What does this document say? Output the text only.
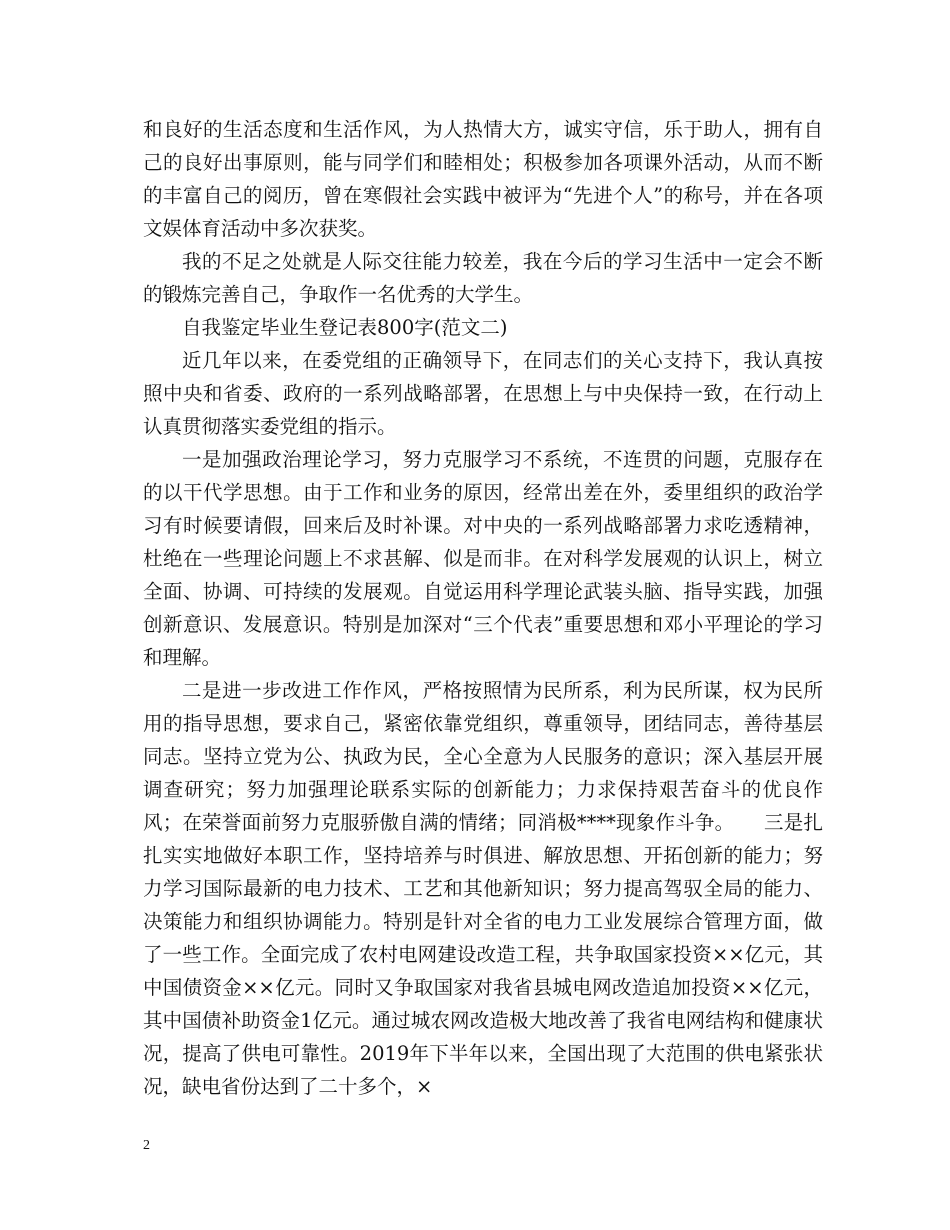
和良好的生活态度和生活作风，为人热情大方，诚实守信，乐于助人，拥有自己的良好出事原则，能与同学们和睦相处；积极参加各项课外活动，从而不断的丰富自己的阅历，曾在寒假社会实践中被评为“先进个人”的称号，并在各项文娱体育活动中多次获奖。

我的不足之处就是人际交往能力较差，我在今后的学习生活中一定会不断的锻炼完善自己，争取作一名优秀的大学生。

自我鉴定毕业生登记表800字(范文二)

近几年以来，在委党组的正确领导下，在同志们的关心支持下，我认真按照中央和省委、政府的一系列战略部署，在思想上与中央保持一致，在行动上认真贯彻落实委党组的指示。

一是加强政治理论学习，努力克服学习不系统，不连贯的问题，克服存在的以干代学思想。由于工作和业务的原因，经常出差在外，委里组织的政治学习有时候要请假，回来后及时补课。对中央的一系列战略部署力求吃透精神，杜绝在一些理论问题上不求甚解、似是而非。在对科学发展观的认识上，树立全面、协调、可持续的发展观。自觉运用科学理论武装头脑、指导实践，加强创新意识、发展意识。特别是加深对“三个代表”重要思想和邓小平理论的学习和理解。

二是进一步改进工作作风，严格按照情为民所系，利为民所谋，权为民所用的指导思想，要求自己，紧密依靠党组织，尊重领导，团结同志，善待基层同志。坚持立党为公、执政为民，全心全意为人民服务的意识；深入基层开展调查研究；努力加强理论联系实际的创新能力；力求保持艰苦奋斗的优良作风；在荣誉面前努力克服骄傲自满的情绪；同消极****现象作斗争。　　三是扎扎实实地做好本职工作，坚持培养与时俱进、解放思想、开拓创新的能力；努力学习国际最新的电力技术、工艺和其他新知识；努力提高驾驭全局的能力、决策能力和组织协调能力。特别是针对全省的电力工业发展综合管理方面，做了一些工作。全面完成了农村电网建设改造工程，共争取国家投资××亿元，其中国债资金××亿元。同时又争取国家对我省县城电网改造追加投资××亿元，其中国债补助资金1亿元。通过城农网改造极大地改善了我省电网结构和健康状况，提高了供电可靠性。2019年下半年以来，全国出现了大范围的供电紧张状况，缺电省份达到了二十多个，×

2
